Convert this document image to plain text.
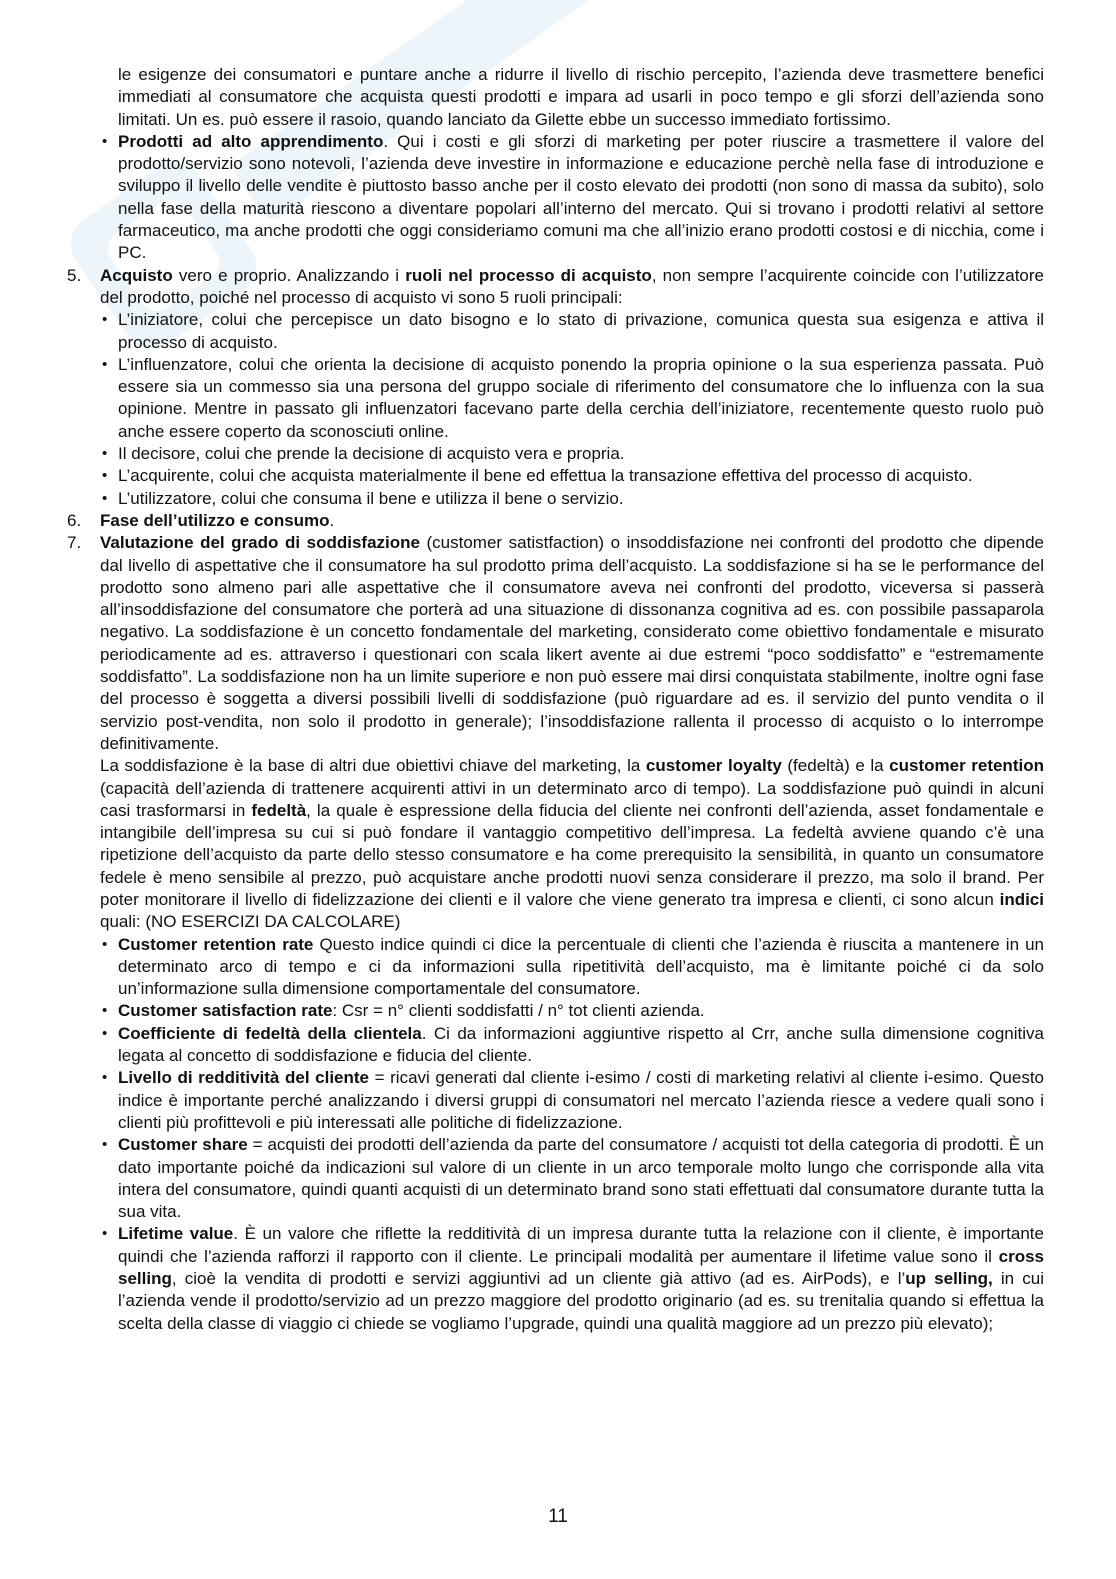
le esigenze dei consumatori e puntare anche a ridurre il livello di rischio percepito, l’azienda deve trasmettere benefici immediati al consumatore che acquista questi prodotti e impara ad usarli in poco tempo e gli sforzi dell’azienda sono limitati. Un es. può essere il rasoio, quando lanciato da Gilette ebbe un successo immediato fortissimo.

• Prodotti ad alto apprendimento. Qui i costi e gli sforzi di marketing per poter riuscire a trasmettere il valore del prodotto/servizio sono notevoli, l’azienda deve investire in informazione e educazione perchè nella fase di introduzione e sviluppo il livello delle vendite è piuttosto basso anche per il costo elevato dei prodotti (non sono di massa da subito), solo nella fase della maturità riescono a diventare popolari all’interno del mercato. Qui si trovano i prodotti relativi al settore farmaceutico, ma anche prodotti che oggi consideriamo comuni ma che all’inizio erano prodotti costosi e di nicchia, come i PC.

5. Acquisto vero e proprio. Analizzando i ruoli nel processo di acquisto, non sempre l’acquirente coincide con l’utilizzatore del prodotto, poiché nel processo di acquisto vi sono 5 ruoli principali:

• L’iniziatore, colui che percepisce un dato bisogno e lo stato di privazione, comunica questa sua esigenza e attiva il processo di acquisto.

• L’influenzatore, colui che orienta la decisione di acquisto ponendo la propria opinione o la sua esperienza passata. Può essere sia un commesso sia una persona del gruppo sociale di riferimento del consumatore che lo influenza con la sua opinione. Mentre in passato gli influenzatori facevano parte della cerchia dell’iniziatore, recentemente questo ruolo può anche essere coperto da sconosciuti online.

• Il decisore, colui che prende la decisione di acquisto vera e propria.

• L’acquirente, colui che acquista materialmente il bene ed effettua la transazione effettiva del processo di acquisto.

• L’utilizzatore, colui che consuma il bene e utilizza il bene o servizio.

6. Fase dell’utilizzo e consumo.

7. Valutazione del grado di soddisfazione (customer satistfaction) o insoddisfazione nei confronti del prodotto che dipende dal livello di aspettative che il consumatore ha sul prodotto prima dell’acquisto. La soddisfazione si ha se le performance del prodotto sono almeno pari alle aspettative che il consumatore aveva nei confronti del prodotto, viceversa si passerà all’insoddisfazione del consumatore che porterà ad una situazione di dissonanza cognitiva ad es. con possibile passaparola negativo. La soddisfazione è un concetto fondamentale del marketing, considerato come obiettivo fondamentale e misurato periodicamente ad es. attraverso i questionari con scala likert avente ai due estremi “poco soddisfatto” e “estremamente soddisfatto”. La soddisfazione non ha un limite superiore e non può essere mai dirsi conquistata stabilmente, inoltre ogni fase del processo è soggetta a diversi possibili livelli di soddisfazione (può riguardare ad es. il servizio del punto vendita o il servizio post-vendita, non solo il prodotto in generale); l’insoddisfazione rallenta il processo di acquisto o lo interrompe definitivamente.

La soddisfazione è la base di altri due obiettivi chiave del marketing, la customer loyalty (fedeltà) e la customer retention (capacità dell’azienda di trattenere acquirenti attivi in un determinato arco di tempo). La soddisfazione può quindi in alcuni casi trasformarsi in fedeltà, la quale è espressione della fiducia del cliente nei confronti dell’azienda, asset fondamentale e intangibile dell’impresa su cui si può fondare il vantaggio competitivo dell’impresa. La fedeltà avviene quando c’è una ripetizione dell’acquisto da parte dello stesso consumatore e ha come prerequisito la sensibilità, in quanto un consumatore fedele è meno sensibile al prezzo, può acquistare anche prodotti nuovi senza considerare il prezzo, ma solo il brand. Per poter monitorare il livello di fidelizzazione dei clienti e il valore che viene generato tra impresa e clienti, ci sono alcun indici quali: (NO ESERCIZI DA CALCOLARE)

• Customer retention rate Questo indice quindi ci dice la percentuale di clienti che l’azienda è riuscita a mantenere in un determinato arco di tempo e ci da informazioni sulla ripetitività dell’acquisto, ma è limitante poiché ci da solo un’informazione sulla dimensione comportamentale del consumatore.

• Customer satisfaction rate: Csr = n° clienti soddisfatti / n° tot clienti azienda.

• Coefficiente di fedeltà della clientela. Ci da informazioni aggiuntive rispetto al Crr, anche sulla dimensione cognitiva legata al concetto di soddisfazione e fiducia del cliente.

• Livello di redditività del cliente = ricavi generati dal cliente i-esimo / costi di marketing relativi al cliente i-esimo. Questo indice è importante perché analizzando i diversi gruppi di consumatori nel mercato l’azienda riesce a vedere quali sono i clienti più profittevoli e più interessati alle politiche di fidelizzazione.

• Customer share = acquisti dei prodotti dell’azienda da parte del consumatore / acquisti tot della categoria di prodotti. È un dato importante poiché da indicazioni sul valore di un cliente in un arco temporale molto lungo che corrisponde alla vita intera del consumatore, quindi quanti acquisti di un determinato brand sono stati effettuati dal consumatore durante tutta la sua vita.

• Lifetime value. È un valore che riflette la redditività di un impresa durante tutta la relazione con il cliente, è importante quindi che l’azienda rafforzi il rapporto con il cliente. Le principali modalità per aumentare il lifetime value sono il cross selling, cioè la vendita di prodotti e servizi aggiuntivi ad un cliente già attivo (ad es. AirPods), e l’up selling, in cui l’azienda vende il prodotto/servizio ad un prezzo maggiore del prodotto originario (ad es. su trenitalia quando si effettua la scelta della classe di viaggio ci chiede se vogliamo l’upgrade, quindi una qualità maggiore ad un prezzo più elevato);

11
